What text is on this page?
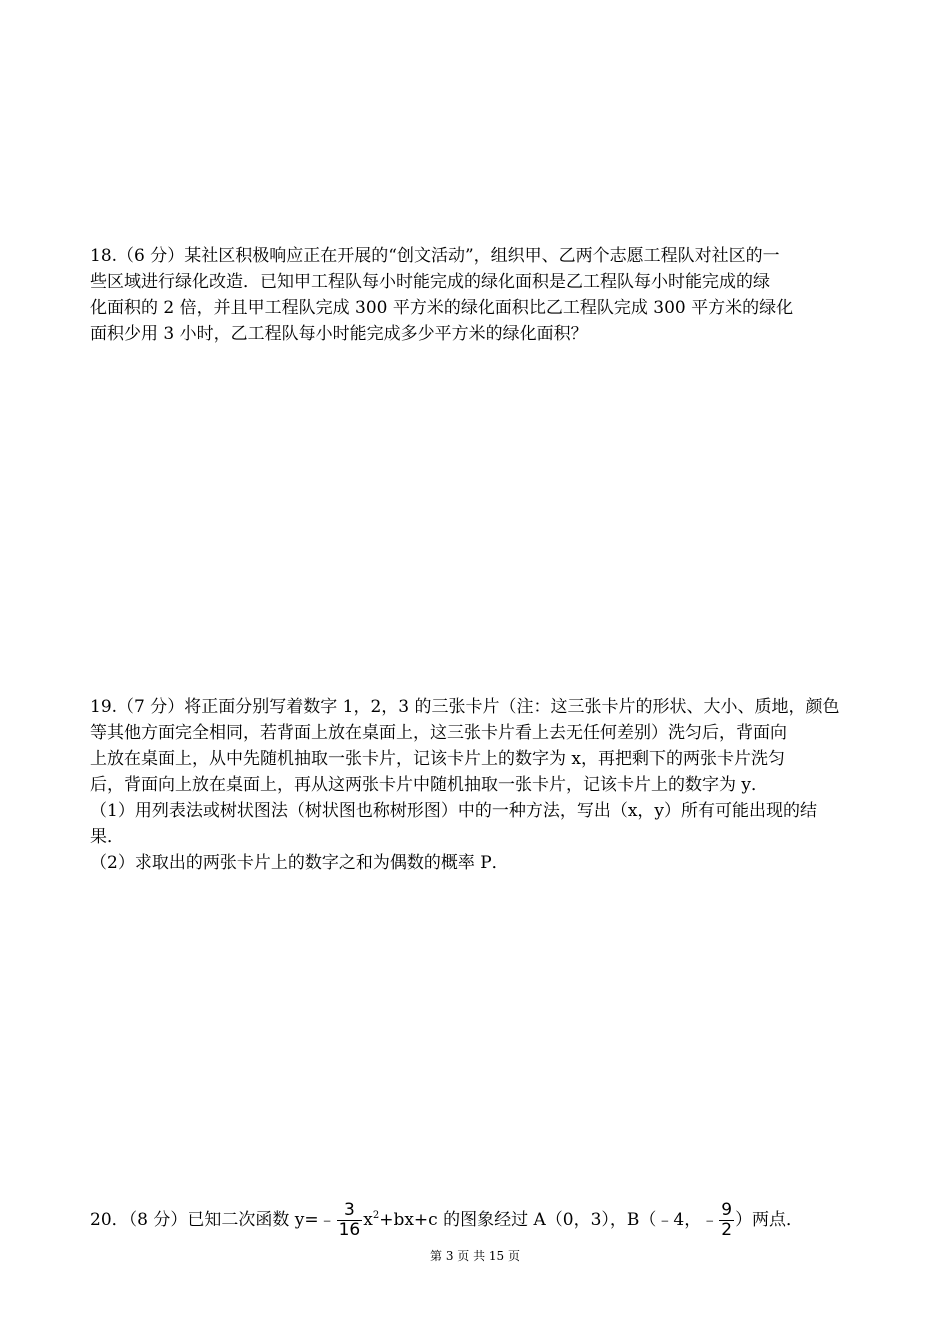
18.（6 分）某社区积极响应正在开展的“创文活动”，组织甲、乙两个志愿工程队对社区的一
些区域进行绿化改造．已知甲工程队每小时能完成的绿化面积是乙工程队每小时能完成的绿
化面积的 2 倍，并且甲工程队完成 300 平方米的绿化面积比乙工程队完成 300 平方米的绿化
面积少用 3 小时，乙工程队每小时能完成多少平方米的绿化面积？
19.（7 分）将正面分别写着数字 1，2，3 的三张卡片（注：这三张卡片的形状、大小、质地，颜色
等其他方面完全相同，若背面上放在桌面上，这三张卡片看上去无任何差别）洗匀后，背面向
上放在桌面上，从中先随机抽取一张卡片，记该卡片上的数字为 x，再把剩下的两张卡片洗匀
后，背面向上放在桌面上，再从这两张卡片中随机抽取一张卡片，记该卡片上的数字为 y．
（1）用列表法或树状图法（树状图也称树形图）中的一种方法，写出（x，y）所有可能出现的结
果．
（2）求取出的两张卡片上的数字之和为偶数的概率 P．
20．（8 分）已知二次函数 y=﹣ $\frac{3}{16} x^2+bx+c$ 的图象经过 A（0，3），B（﹣4，﹣ $\frac{9}{2}$ ）两点．
第 3 页 共 15 页
